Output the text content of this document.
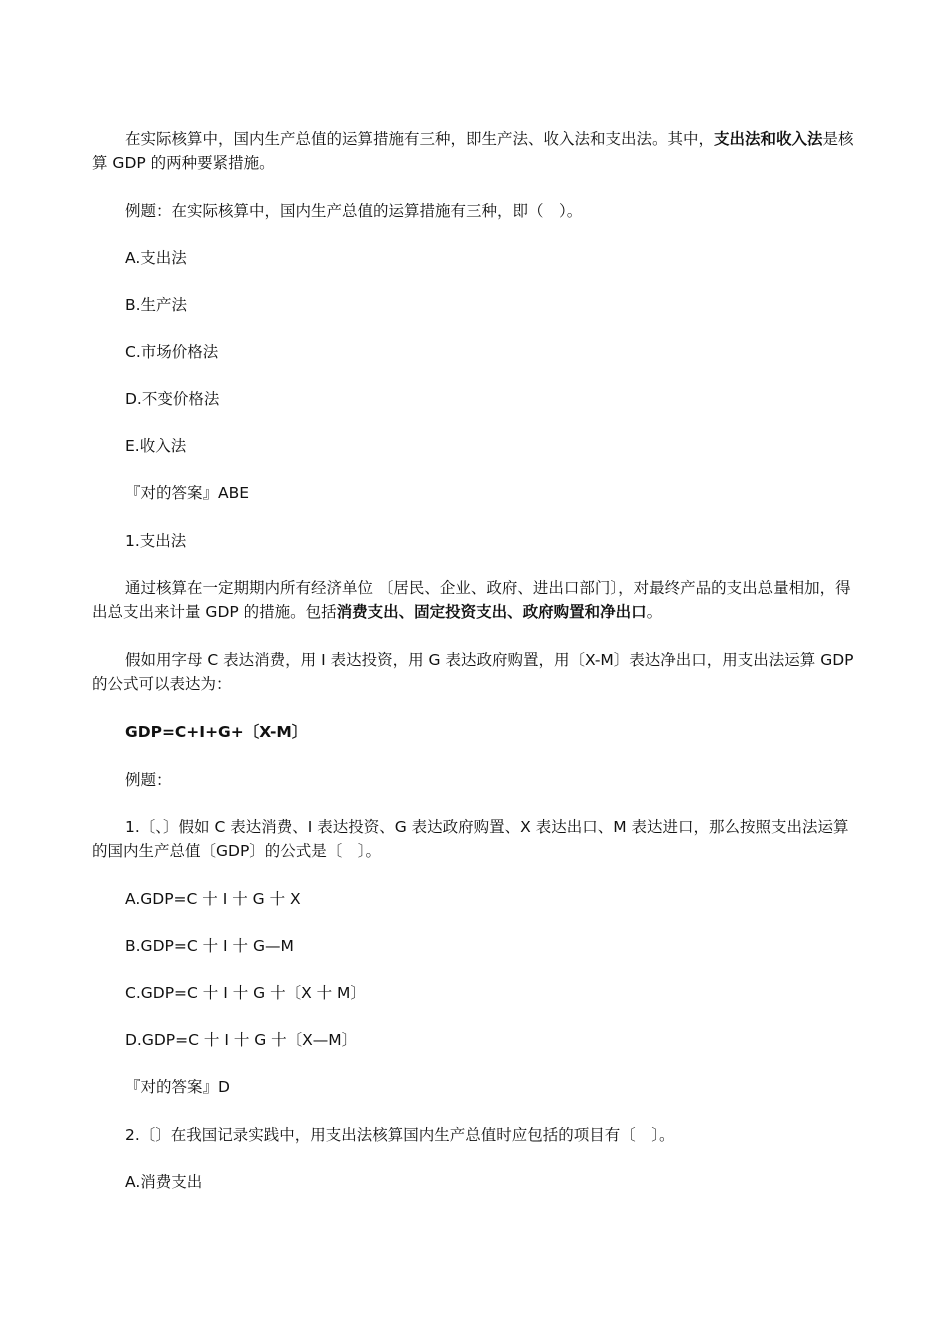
在实际核算中，国内生产总值的运算措施有三种，即生产法、收入法和支出法。其中，支出法和收入法是核算 GDP 的两种要紧措施。

例题：在实际核算中，国内生产总值的运算措施有三种，即（　）。

A.支出法

B.生产法

C.市场价格法

D.不变价格法

E.收入法

『对的答案』ABE

1.支出法

通过核算在一定期期内所有经济单位 〔居民、企业、政府、进出口部门〕，对最终产品的支出总量相加，得出总支出来计量 GDP 的措施。包括消费支出、固定投资支出、政府购置和净出口。

假如用字母 C 表达消费，用 I 表达投资，用 G 表达政府购置，用〔X-M〕表达净出口，用支出法运算 GDP 的公式可以表达为：

GDP=C+I+G+〔X-M〕

例题：

1.〔、〕假如 C 表达消费、I 表达投资、G 表达政府购置、X 表达出口、M 表达进口，那么按照支出法运算的国内生产总值〔GDP〕的公式是〔　〕。

A.GDP=C 十 I 十 G 十 X

B.GDP=C 十 I 十 G—M

C.GDP=C 十 I 十 G 十〔X 十 M〕

D.GDP=C 十 I 十 G 十〔X—M〕

『对的答案』D

2.〔〕在我国记录实践中，用支出法核算国内生产总值时应包括的项目有〔　〕。

A.消费支出
